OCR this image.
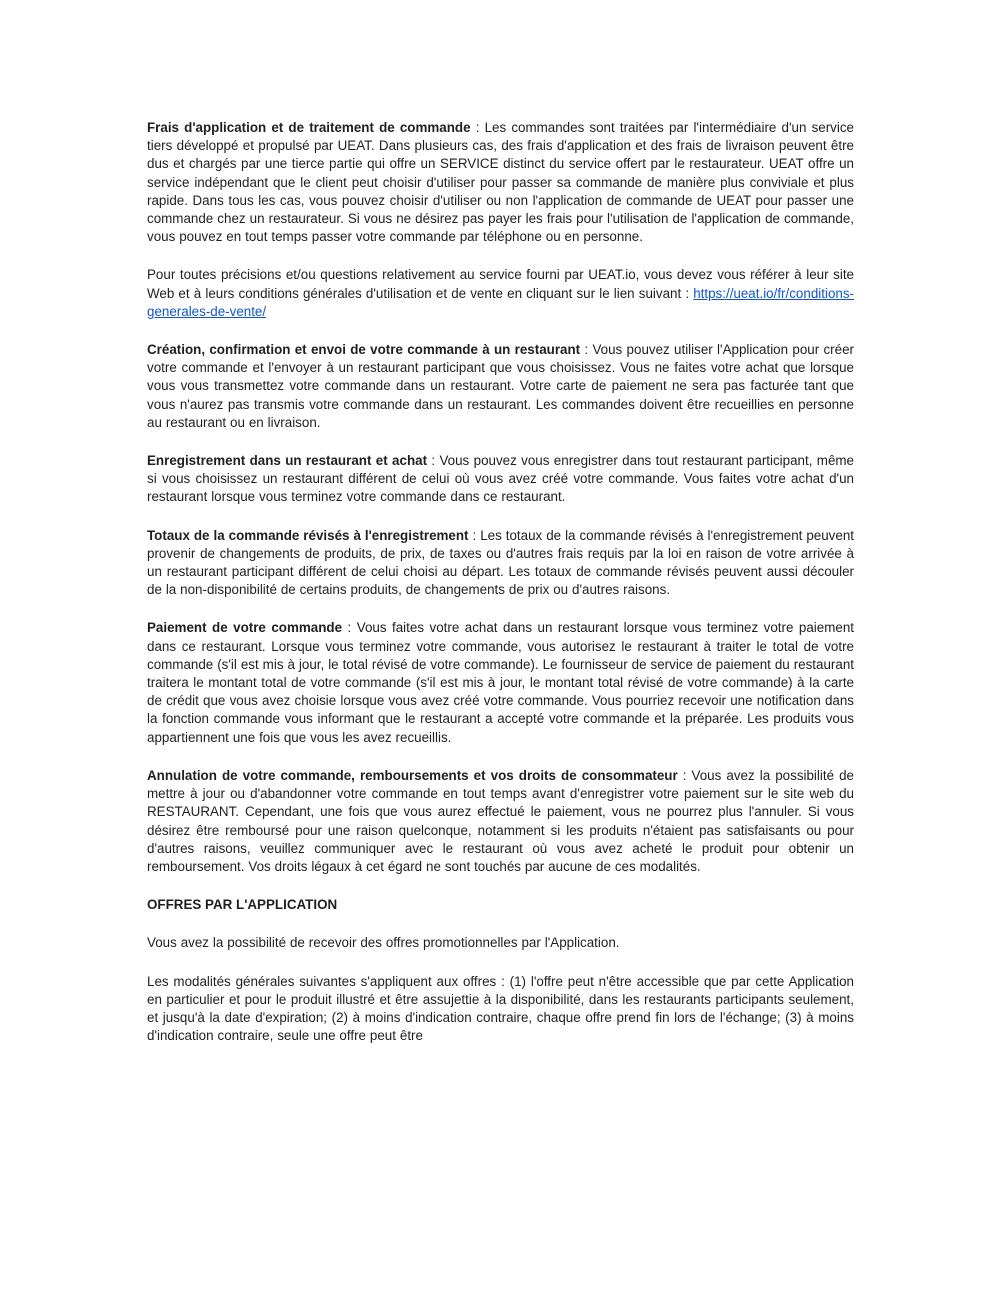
Frais d'application et de traitement de commande : Les commandes sont traitées par l'intermédiaire d'un service tiers développé et propulsé par UEAT. Dans plusieurs cas, des frais d'application et des frais de livraison peuvent être dus et chargés par une tierce partie qui offre un SERVICE distinct du service offert par le restaurateur. UEAT offre un service indépendant que le client peut choisir d'utiliser pour passer sa commande de manière plus conviviale et plus rapide. Dans tous les cas, vous pouvez choisir d'utiliser ou non l'application de commande de UEAT pour passer une commande chez un restaurateur. Si vous ne désirez pas payer les frais pour l'utilisation de l'application de commande, vous pouvez en tout temps passer votre commande par téléphone ou en personne.

Pour toutes précisions et/ou questions relativement au service fourni par UEAT.io, vous devez vous référer à leur site Web et à leurs conditions générales d'utilisation et de vente en cliquant sur le lien suivant : https://ueat.io/fr/conditions-generales-de-vente/

Création, confirmation et envoi de votre commande à un restaurant : Vous pouvez utiliser l'Application pour créer votre commande et l'envoyer à un restaurant participant que vous choisissez. Vous ne faites votre achat que lorsque vous vous transmettez votre commande dans un restaurant. Votre carte de paiement ne sera pas facturée tant que vous n'aurez pas transmis votre commande dans un restaurant. Les commandes doivent être recueillies en personne au restaurant ou en livraison.

Enregistrement dans un restaurant et achat : Vous pouvez vous enregistrer dans tout restaurant participant, même si vous choisissez un restaurant différent de celui où vous avez créé votre commande. Vous faites votre achat d'un restaurant lorsque vous terminez votre commande dans ce restaurant.

Totaux de la commande révisés à l'enregistrement : Les totaux de la commande révisés à l'enregistrement peuvent provenir de changements de produits, de prix, de taxes ou d'autres frais requis par la loi en raison de votre arrivée à un restaurant participant différent de celui choisi au départ. Les totaux de commande révisés peuvent aussi découler de la non-disponibilité de certains produits, de changements de prix ou d'autres raisons.

Paiement de votre commande : Vous faites votre achat dans un restaurant lorsque vous terminez votre paiement dans ce restaurant. Lorsque vous terminez votre commande, vous autorisez le restaurant à traiter le total de votre commande (s'il est mis à jour, le total révisé de votre commande). Le fournisseur de service de paiement du restaurant traitera le montant total de votre commande (s'il est mis à jour, le montant total révisé de votre commande) à la carte de crédit que vous avez choisie lorsque vous avez créé votre commande. Vous pourriez recevoir une notification dans la fonction commande vous informant que le restaurant a accepté votre commande et la préparée. Les produits vous appartiennent une fois que vous les avez recueillis.

Annulation de votre commande, remboursements et vos droits de consommateur : Vous avez la possibilité de mettre à jour ou d'abandonner votre commande en tout temps avant d'enregistrer votre paiement sur le site web du RESTAURANT. Cependant, une fois que vous aurez effectué le paiement, vous ne pourrez plus l'annuler. Si vous désirez être remboursé pour une raison quelconque, notamment si les produits n'étaient pas satisfaisants ou pour d'autres raisons, veuillez communiquer avec le restaurant où vous avez acheté le produit pour obtenir un remboursement. Vos droits légaux à cet égard ne sont touchés par aucune de ces modalités.

OFFRES PAR L'APPLICATION

Vous avez la possibilité de recevoir des offres promotionnelles par l'Application.

Les modalités générales suivantes s'appliquent aux offres : (1) l'offre peut n'être accessible que par cette Application en particulier et pour le produit illustré et être assujettie à la disponibilité, dans les restaurants participants seulement, et jusqu'à la date d'expiration; (2) à moins d'indication contraire, chaque offre prend fin lors de l'échange; (3) à moins d'indication contraire, seule une offre peut être
